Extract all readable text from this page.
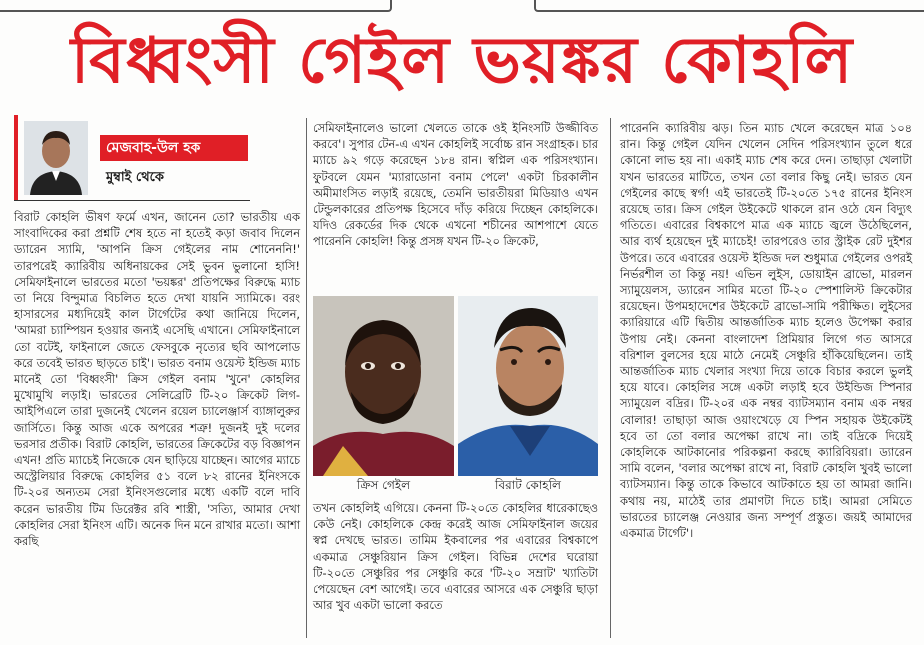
বিধ্বংসী গেইল ভয়ঙ্কর কোহলি
মেজবাহ-উল হক
মুম্বাই থেকে

বিরাট কোহলি ভীষণ ফর্মে এখন, জানেন তো? ভারতীয় এক সাংবাদিকের করা প্রশ্নটি শেষ হতে না হতেই কড়া জবাব দিলেন ড্যারেন স্যামি, 'আপনি ক্রিস গেইলের নাম শোনেননি!' তারপরেই ক্যারিবীয় অধিনায়কের সেই ভুবন ভুলানো হাসি! সেমিফাইনালে ভারতের মতো 'ভয়ঙ্কর' প্রতিপক্ষের বিরুদ্ধে ম্যাচ তা নিয়ে বিন্দুমাত্র বিচলিত হতে দেখা যায়নি স্যামিকে। বরং হাসারসের মধ্যদিয়েই কাল টার্গেটের কথা জানিয়ে দিলেন, 'আমরা চ্যাম্পিয়ন হওয়ার জন্যই এসেছি এখানে। সেমিফাইনালে তো বটেই, ফাইনালে জেতে ফেসবুকে নৃত্যের ছবি আপলোড করে তবেই ভারত ছাড়তে চাই'। ভারত বনাম ওয়েস্ট ইন্ডিজ ম্যাচ মানেই তো 'বিধ্বংসী' ক্রিস গেইল বনাম 'খুনে' কোহলির মুখোমুখি লড়াই। ভারতের সেলিব্রেটি টি-২০ ক্রিকেট লিগ-আইপিএলে তারা দুজনেই খেলেন রয়েল চ্যালেঞ্জার্স ব্যাঙ্গালুরুর জার্সিতে। কিন্তু আজ একে অপরের শত্রু! দুজনই দুই দলের ভরসার প্রতীক। বিরাট কোহলি, ভারতের ক্রিকেটের বড় বিজ্ঞাপন এখন! প্রতি ম্যাচেই নিজেকে যেন ছাড়িয়ে যাচ্ছেন। আগের ম্যাচে অস্ট্রেলিয়ার বিরুদ্ধে কোহলির ৫১ বলে ৮২ রানের ইনিংসকে টি-২০র অন্যতম সেরা ইনিংসগুলোর মধ্যে একটি বলে দাবি করেন ভারতীয় টিম ডিরেক্টর রবি শাস্ত্রী, 'সত্যি, আমার দেখা কোহলির সেরা ইনিংস এটি। অনেক দিন মনে রাখার মতো। আশা করছি

সেমিফাইনালেও ভালো খেলতে তাকে ওই ইনিংসটি উজ্জীবিত করবে'। সুপার টেন-এ এখন কোহলিই সর্বোচ্চ রান সংগ্রাহক। চার ম্যাচে ৯২ গড়ে করেছেন ১৮৪ রান। স্বপ্নিল এক পরিসংখ্যান। ফুটবলে যেমন 'ম্যারাডোনা বনাম পেলে' একটা চিরকালীন অমীমাংসিত লড়াই রয়েছে, তেমনি ভারতীয়রা মিডিয়াও এখন টেন্ডুলকারের প্রতিপক্ষ হিসেবে দাঁড় করিয়ে দিচ্ছেন কোহলিকে। যদিও রেকর্ডের দিক থেকে এখনো শচীনের আশপাশে যেতে পারেননি কোহলি! কিন্তু প্রসঙ্গ যখন টি-২০ ক্রিকেট,

ক্রিস গেইল	বিরাট কোহলি

তখন কোহলিই এগিয়ে। কেননা টি-২০তে কোহলির ধারেকাছেও কেউ নেই। কোহলিকে কেন্দ্র করেই আজ সেমিফাইনাল জয়ের স্বপ্ন দেখছে ভারত। তামিম ইকবালের পর এবারের বিশ্বকাপে একমাত্র সেঞ্চুরিয়ান ক্রিস গেইল। বিভিন্ন দেশের ঘরোয়া টি-২০তে সেঞ্চুরির পর সেঞ্চুরি করে 'টি-২০ সম্রাট' খ্যাতিটা পেয়েছেন বেশ আগেই। তবে এবারের আসরে এক সেঞ্চুরি ছাড়া আর খুব একটা ভালো করতে

পারেননি ক্যারিবীয় ঝড়। তিন ম্যাচ খেলে করেছেন মাত্র ১০৪ রান। কিন্তু গেইল যেদিন খেলেন সেদিন পরিসংখ্যান তুলে ধরে কোনো লাভ হয় না। একাই ম্যাচ শেষ করে দেন। তাছাড়া খেলাটা যখন ভারতের মাটিতে, তখন তো বলার কিছু নেই। ভারত যেন গেইলের কাছে স্বর্গ! এই ভারতেই টি-২০তে ১৭৫ রানের ইনিংস রয়েছে তার। ক্রিস গেইল উইকেটে থাকলে রান ওঠে যেন বিদ্যুৎ গতিতে। এবারের বিশ্বকাপে মাত্র এক ম্যাচে জ্বলে উঠেছিলেন, আর ব্যর্থ হয়েছেন দুই ম্যাচেই! তারপরেও তার স্ট্রাইক রেট দুইশর উপরে। তবে এবারের ওয়েস্ট ইন্ডিজ দল শুধুমাত্র গেইলের ওপরই নির্ভরশীল তা কিন্তু নয়! এভিন লুইস, ডোয়াইন ব্রাভো, মারলন স্যামুয়েলস, ড্যারেন সামির মতো টি-২০ স্পেশালিস্ট ক্রিকেটার রয়েছেন। উপমহাদেশের উইকেটে ব্রাভো-সামি পরীক্ষিত। লুইসের ক্যারিয়ারে এটি দ্বিতীয় আন্তর্জাতিক ম্যাচ হলেও উপেক্ষা করার উপায় নেই। কেননা বাংলাদেশ প্রিমিয়ার লিগে গত আসরে বরিশাল বুলসের হয়ে মাঠে নেমেই সেঞ্চুরি হাঁকিয়েছিলেন। তাই আন্তর্জাতিক ম্যাচ খেলার সংখ্যা দিয়ে তাকে বিচার করলে ভুলই হয়ে যাবে। কোহলির সঙ্গে একটা লড়াই হবে উইন্ডিজ স্পিনার স্যামুয়েল বদ্রির। টি-২০র এক নম্বর ব্যাটসম্যান বনাম এক নম্বর বোলার! তাছাড়া আজ ওয়াংখেড়ে যে স্পিন সহায়ক উইকেটই হবে তা তো বলার অপেক্ষা রাখে না। তাই বদ্রিকে দিয়েই কোহলিকে আটকানোর পরিকল্পনা করছে ক্যারিবিয়রা। ড্যারেন সামি বলেন, 'বলার অপেক্ষা রাখে না, বিরাট কোহলি খুবই ভালো ব্যাটসম্যান। কিন্তু তাকে কিভাবে আটকাতে হয় তা আমরা জানি। কথায় নয়, মাঠেই তার প্রমাণটা দিতে চাই। আমরা সেমিতে ভারতের চ্যালেঞ্জ নেওয়ার জন্য সম্পূর্ণ প্রস্তুত। জয়ই আমাদের একমাত্র টার্গেট'।
